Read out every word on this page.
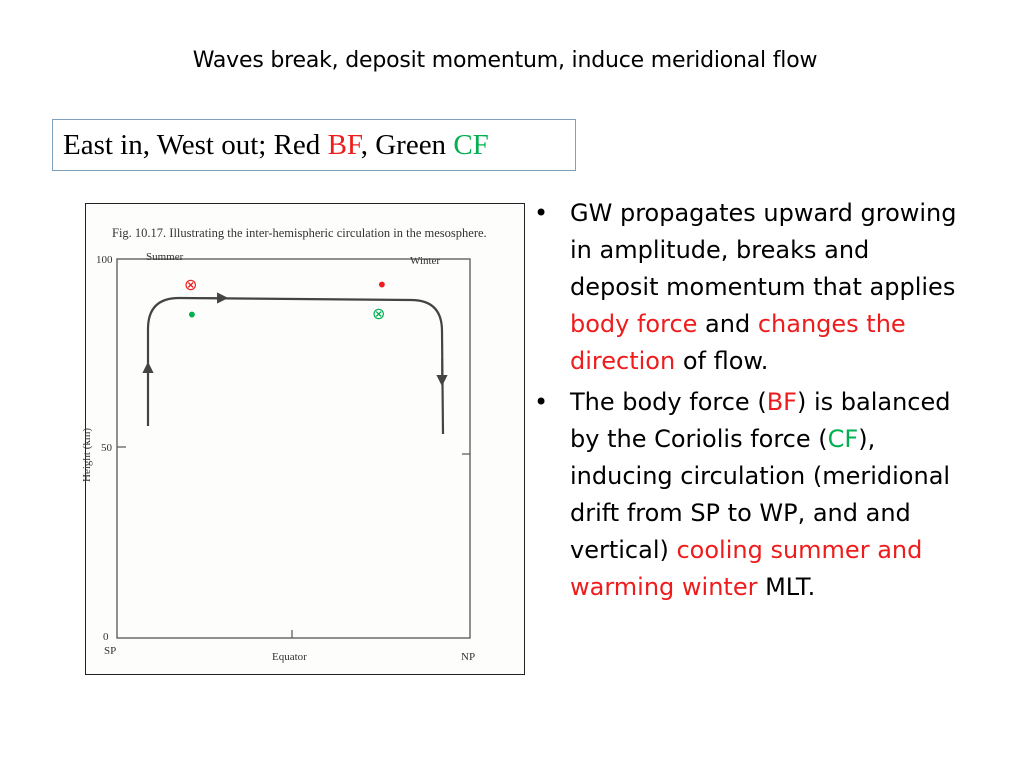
Waves break, deposit momentum, induce meridional flow
East in, West out; Red BF, Green CF
Fig. 10.17. Illustrating the inter-hemispheric circulation in the mesosphere.
100
50
0
Height (km)
SP	Equator	NP
Summer	Winter
⊗
•
•
⊗
• GW propagates upward growing in amplitude, breaks and deposit momentum that applies body force and changes the direction of flow.
• The body force (BF) is balanced by the Coriolis force (CF), inducing circulation (meridional drift from SP to WP, and and vertical) cooling summer and warming winter MLT.
